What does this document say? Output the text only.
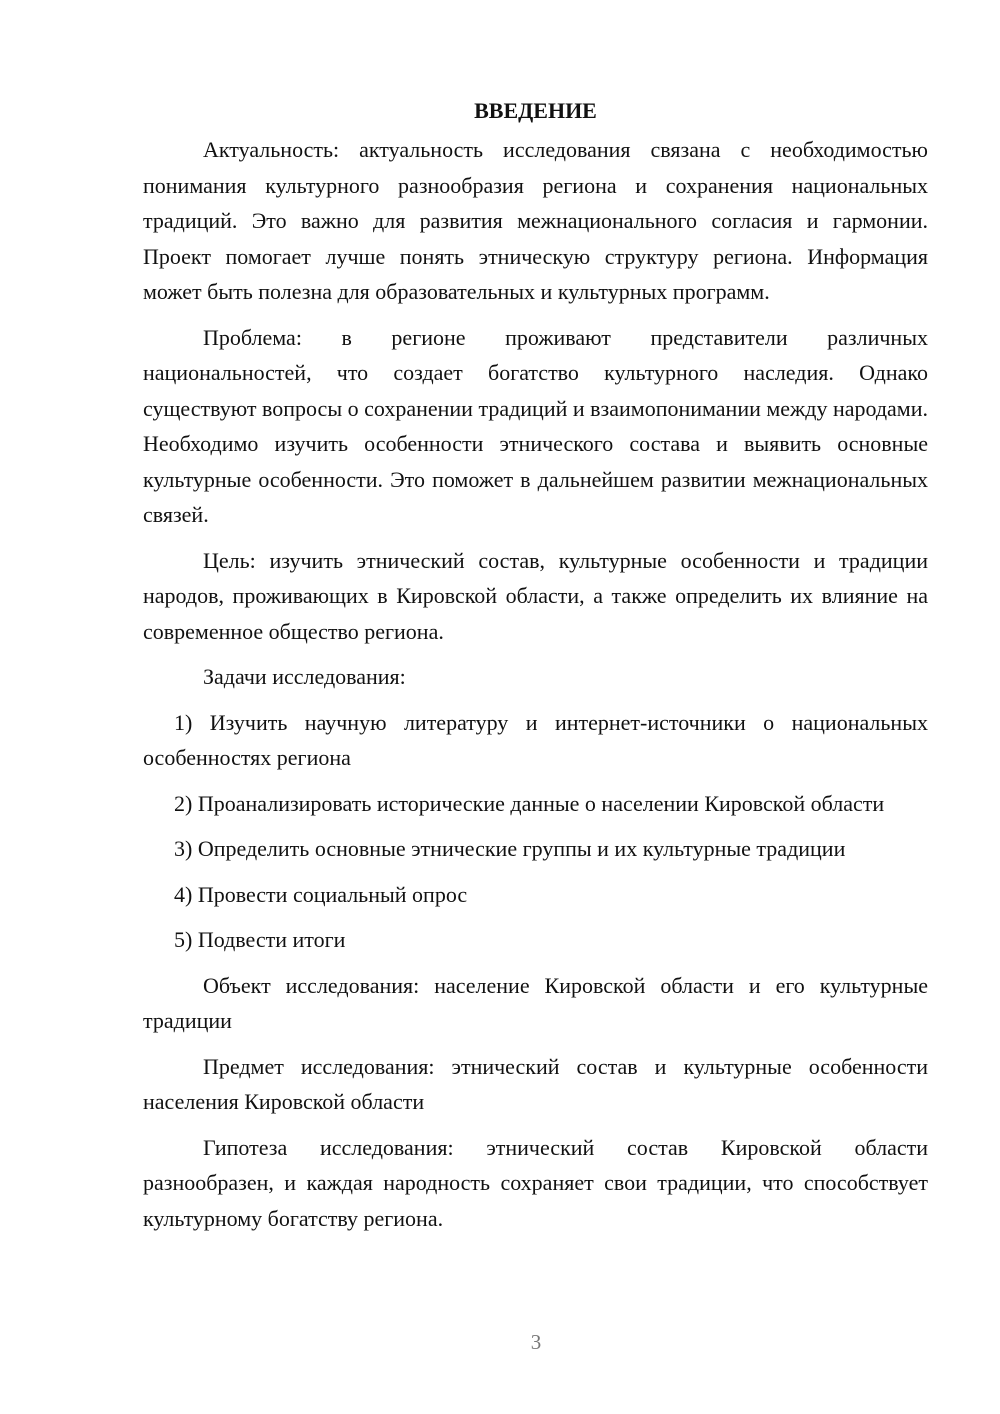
ВВЕДЕНИЕ

Актуальность: актуальность исследования связана с необходимостью понимания культурного разнообразия региона и сохранения национальных традиций. Это важно для развития межнационального согласия и гармонии. Проект помогает лучше понять этническую структуру региона. Информация может быть полезна для образовательных и культурных программ.

Проблема: в регионе проживают представители различных национальностей, что создает богатство культурного наследия. Однако существуют вопросы о сохранении традиций и взаимопонимании между народами. Необходимо изучить особенности этнического состава и выявить основные культурные особенности. Это поможет в дальнейшем развитии межнациональных связей.

Цель: изучить этнический состав, культурные особенности и традиции народов, проживающих в Кировской области, а также определить их влияние на современное общество региона.

Задачи исследования:

1) Изучить научную литературу и интернет-источники о национальных особенностях региона

2) Проанализировать исторические данные о населении Кировской области

3) Определить основные этнические группы и их культурные традиции

4) Провести социальный опрос

5) Подвести итоги

Объект исследования: население Кировской области и его культурные традиции

Предмет исследования: этнический состав и культурные особенности населения Кировской области

Гипотеза исследования: этнический состав Кировской области разнообразен, и каждая народность сохраняет свои традиции, что способствует культурному богатству региона.

3
